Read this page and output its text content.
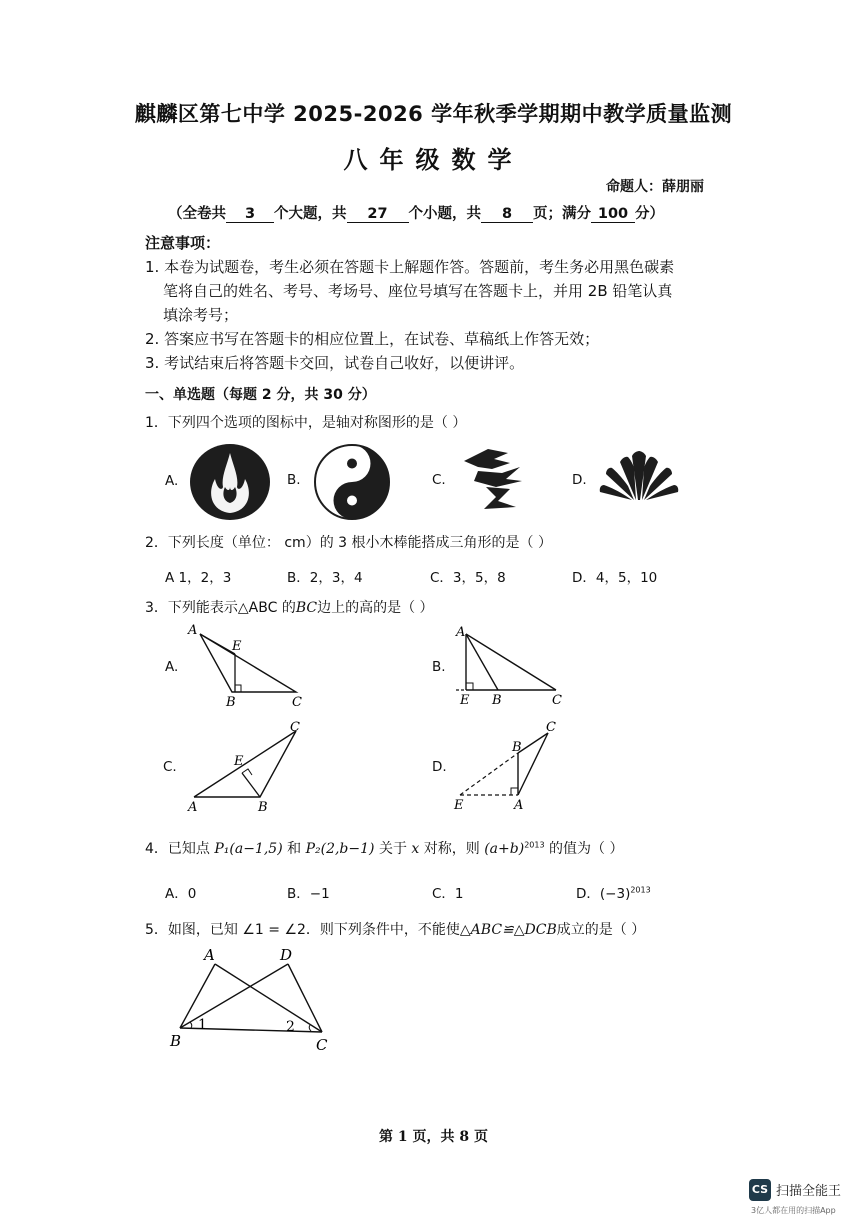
麒麟区第七中学 2025-2026 学年秋季学期期中教学质量监测
八年级数学
命题人：薛朋丽
（全卷共 3 个大题，共 27 个小题，共 8 页；满分 100 分）
注意事项：
1. 本卷为试题卷，考生必须在答题卡上解题作答。答题前，考生务必用黑色碳素
笔将自己的姓名、考号、考场号、座位号填写在答题卡上，并用 2B 铅笔认真
填涂考号；
2. 答案应书写在答题卡的相应位置上，在试卷、草稿纸上作答无效；
3. 考试结束后将答题卡交回，试卷自己收好，以便讲评。
一、单选题（每题 2 分，共 30 分）
1．下列四个选项的图标中，是轴对称图形的是（ ）
A.	B.	C.	D.
2．下列长度（单位： cm）的 3 根小木棒能搭成三角形的是（ ）
A 1，2，3	B．2，3，4	C．3，5，8	D．4，5，10
3．下列能表示△ABC 的BC边上的高的是（ ）
A.
A
B	C
E
B.
A
B	C
E
C.
A	B
C
E	D.
A
B
C
E
4．已知点 P₁(a−1,5) 和 P₂(2,b−1) 关于 x 对称，则 $(a+b)^{2013}$ 的值为（ ）
A．0	B．−1	C．1	D．$(-3)^{2013}$
5．如图，已知 ∠1 = ∠2．则下列条件中，不能使△ABC≌△DCB成立的是（ ）
A	D
B	C
1	2
第 1 页，共 8 页
CS 扫描全能王
3亿人都在用的扫描App
